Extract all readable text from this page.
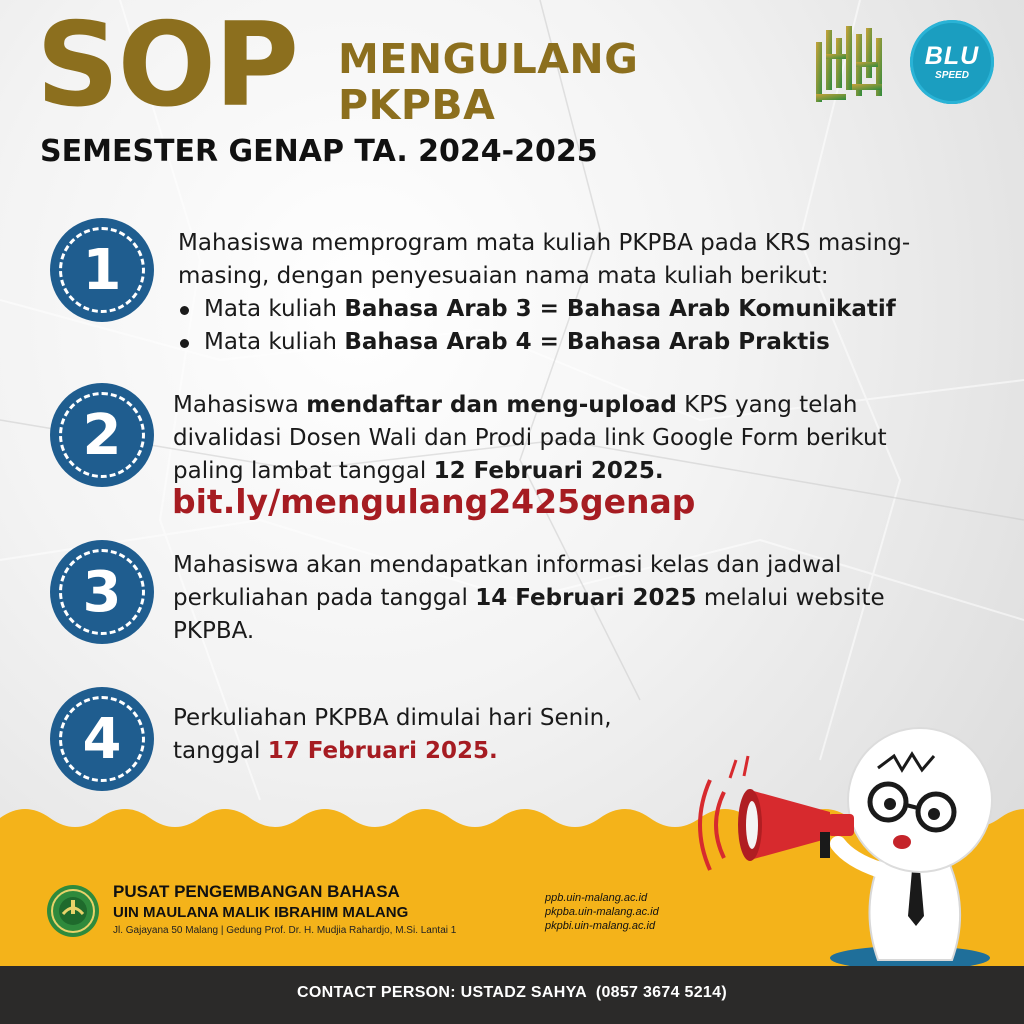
SOP MENGULANG
PKPBA
SEMESTER GENAP TA. 2024-2025
BLU
SPEED
1	Mahasiswa memprogram mata kuliah PKPBA pada KRS masing-
masing, dengan penyesuaian nama mata kuliah berikut:
Mata kuliah Bahasa Arab 3 = Bahasa Arab Komunikatif
Mata kuliah Bahasa Arab 4 = Bahasa Arab Praktis
2	Mahasiswa mendaftar dan meng-upload KPS yang telah
divalidasi Dosen Wali dan Prodi pada link Google Form berikut
paling lambat tanggal 12 Februari 2025.
bit.ly/mengulang2425genap
3	Mahasiswa akan mendapatkan informasi kelas dan jadwal
perkuliahan pada tanggal 14 Februari 2025 melalui website
PKPBA.
4	Perkuliahan PKPBA dimulai hari Senin,
tanggal 17 Februari 2025.
PUSAT PENGEMBANGAN BAHASA
UIN MAULANA MALIK IBRAHIM MALANG
Jl. Gajayana 50 Malang | Gedung Prof. Dr. H. Mudjia Rahardjo, M.Si. Lantai 1
ppb.uin-malang.ac.id
pkpba.uin-malang.ac.id
pkpbi.uin-malang.ac.id
CONTACT PERSON: USTADZ SAHYA  (0857 3674 5214)
